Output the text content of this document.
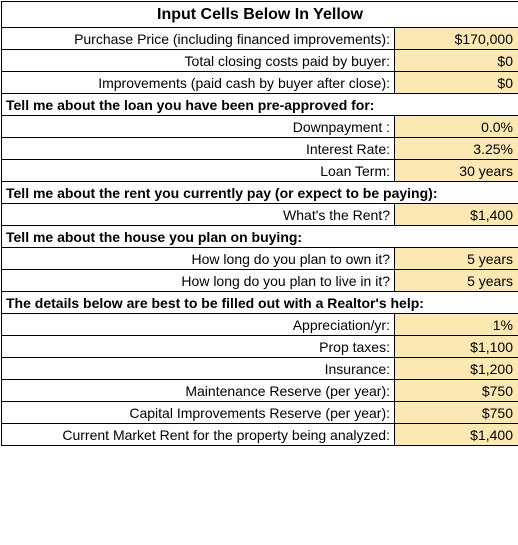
Input Cells Below In Yellow	
Purchase Price (including financed improvements):	$170,000
Total closing costs paid by buyer:	$0
Improvements (paid cash by buyer after close):	$0
Tell me about the loan you have been pre-approved for:	
Downpayment :	0.0%
Interest Rate:	3.25%
Loan Term:	30 years
Tell me about the rent you currently pay (or expect to be paying):	
What's the Rent?	$1,400
Tell me about the house you plan on buying:	
How long do you plan to own it?	5 years
How long do you plan to live in it?	5 years
The details below are best to be filled out with a Realtor's help:	
Appreciation/yr:	1%
Prop taxes:	$1,100
Insurance:	$1,200
Maintenance Reserve (per year):	$750
Capital Improvements Reserve (per year):	$750
Current Market Rent for the property being analyzed:	$1,400
